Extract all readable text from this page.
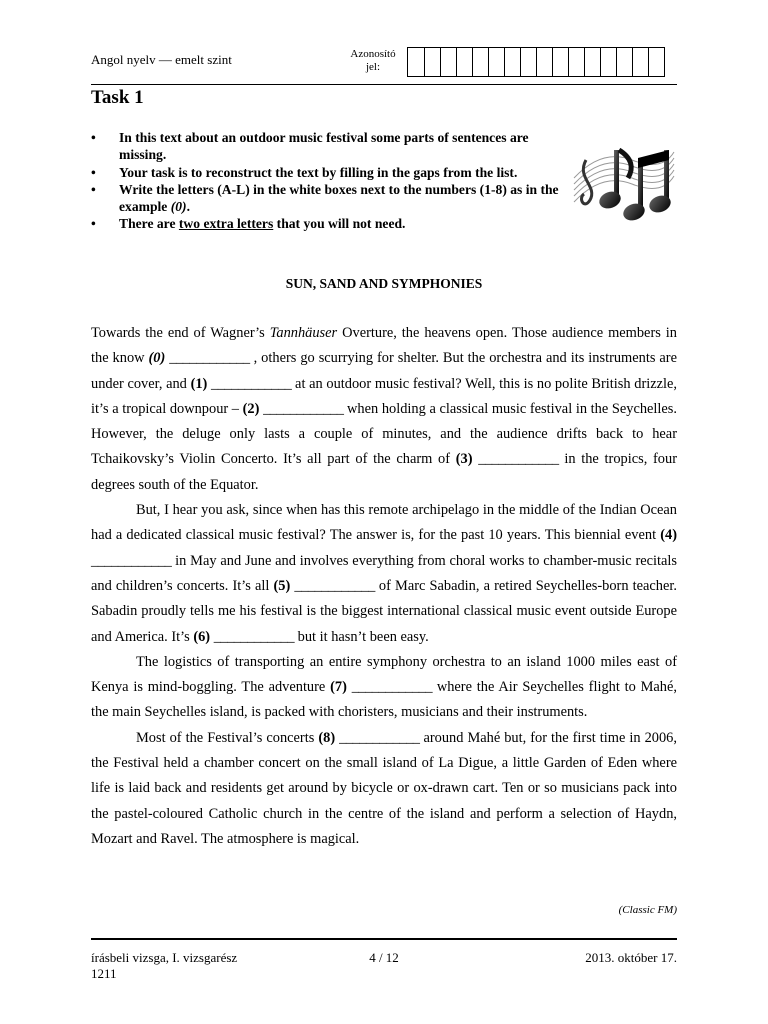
Angol nyelv — emelt szint	Azonosító
jel:
Task 1
• In this text about an outdoor music festival some parts of sentences are missing.
• Your task is to reconstruct the text by filling in the gaps from the list.
• Write the letters (A-L) in the white boxes next to the numbers (1-8) as in the example (0).
• There are two extra letters that you will not need.
SUN, SAND AND SYMPHONIES

Towards the end of Wagner’s Tannhäuser Overture, the heavens open. Those audience members in the know (0) ____________ , others go scurrying for shelter. But the orchestra and its instruments are under cover, and (1) ____________ at an outdoor music festival? Well, this is no polite British drizzle, it’s a tropical downpour – (2) ____________ when holding a classical music festival in the Seychelles. However, the deluge only lasts a couple of minutes, and the audience drifts back to hear Tchaikovsky’s Violin Concerto. It’s all part of the charm of (3) ____________ in the tropics, four degrees south of the Equator.

But, I hear you ask, since when has this remote archipelago in the middle of the Indian Ocean had a dedicated classical music festival? The answer is, for the past 10 years. This biennial event (4) ____________ in May and June and involves everything from choral works to chamber-music recitals and children’s concerts. It’s all (5) ____________ of Marc Sabadin, a retired Seychelles-born teacher. Sabadin proudly tells me his festival is the biggest international classical music event outside Europe and America. It’s (6) ____________ but it hasn’t been easy.

The logistics of transporting an entire symphony orchestra to an island 1000 miles east of Kenya is mind-boggling. The adventure (7) ____________ where the Air Seychelles flight to Mahé, the main Seychelles island, is packed with choristers, musicians and their instruments.

Most of the Festival’s concerts (8) ____________ around Mahé but, for the first time in 2006, the Festival held a chamber concert on the small island of La Digue, a little Garden of Eden where life is laid back and residents get around by bicycle or ox-drawn cart. Ten or so musicians pack into the pastel-coloured Catholic church in the centre of the island and perform a selection of Haydn, Mozart and Ravel. The atmosphere is magical.

(Classic FM)
írásbeli vizsga, I. vizsgarész
1211
4 / 12	2013. október 17.
